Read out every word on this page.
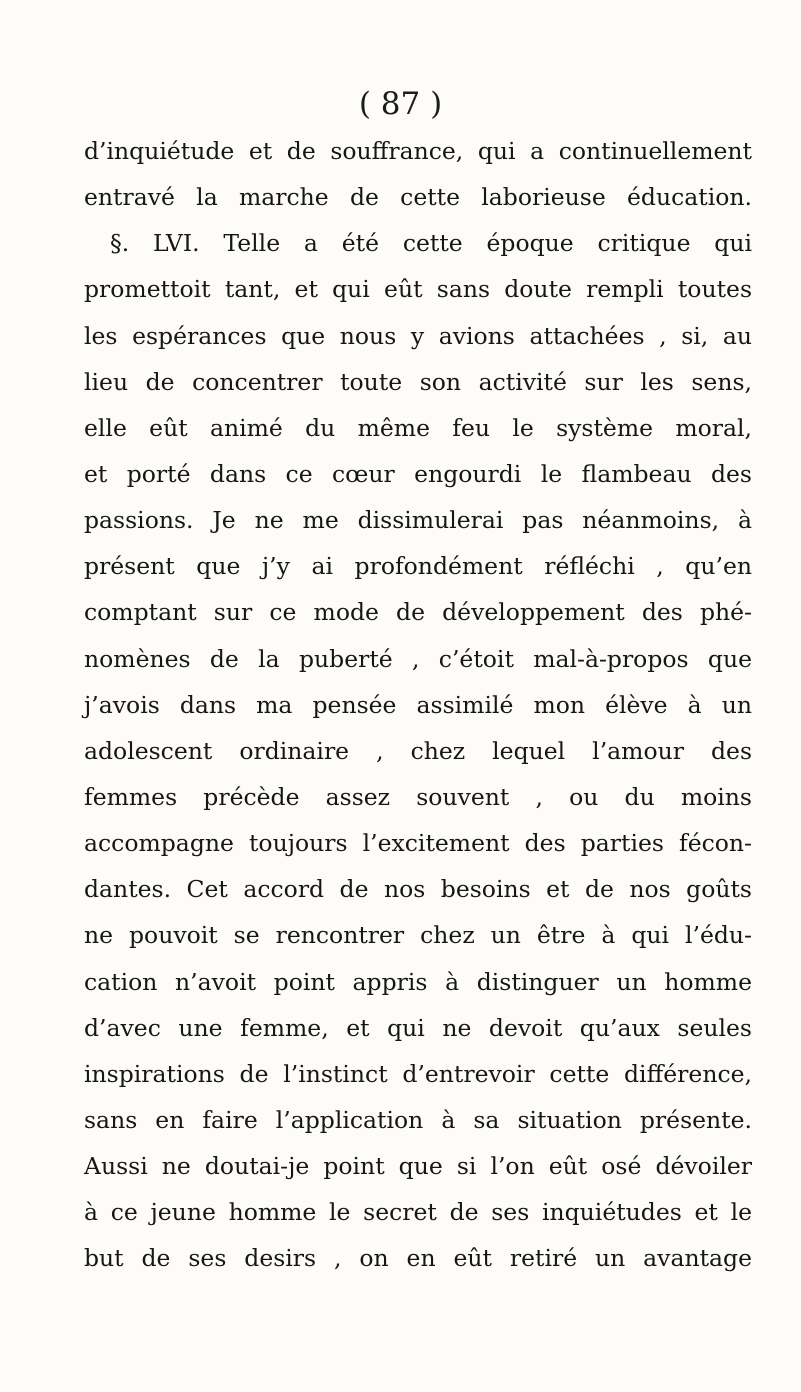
( 87 )
d’inquiétude et de souffrance, qui a continuellement
entravé la marche de cette laborieuse éducation.
§. LVI. Telle a été cette époque critique qui
promettoit tant, et qui eût sans doute rempli toutes
les espérances que nous y avions attachées , si, au
lieu de concentrer toute son activité sur les sens,
elle eût animé du même feu le système moral,
et porté dans ce cœur engourdi le flambeau des
passions. Je ne me dissimulerai pas néanmoins, à
présent que j’y ai profondément réfléchi , qu’en
comptant sur ce mode de développement des phé-
nomènes de la puberté , c’étoit mal-à-propos que
j’avois dans ma pensée assimilé mon élève à un
adolescent ordinaire , chez lequel l’amour des
femmes précède assez souvent , ou du moins
accompagne toujours l’excitement des parties fécon-
dantes. Cet accord de nos besoins et de nos goûts
ne pouvoit se rencontrer chez un être à qui l’édu-
cation n’avoit point appris à distinguer un homme
d’avec une femme, et qui ne devoit qu’aux seules
inspirations de l’instinct d’entrevoir cette différence,
sans en faire l’application à sa situation présente.
Aussi ne doutai-je point que si l’on eût osé dévoiler
à ce jeune homme le secret de ses inquiétudes et le
but de ses desirs , on en eût retiré un avantage
